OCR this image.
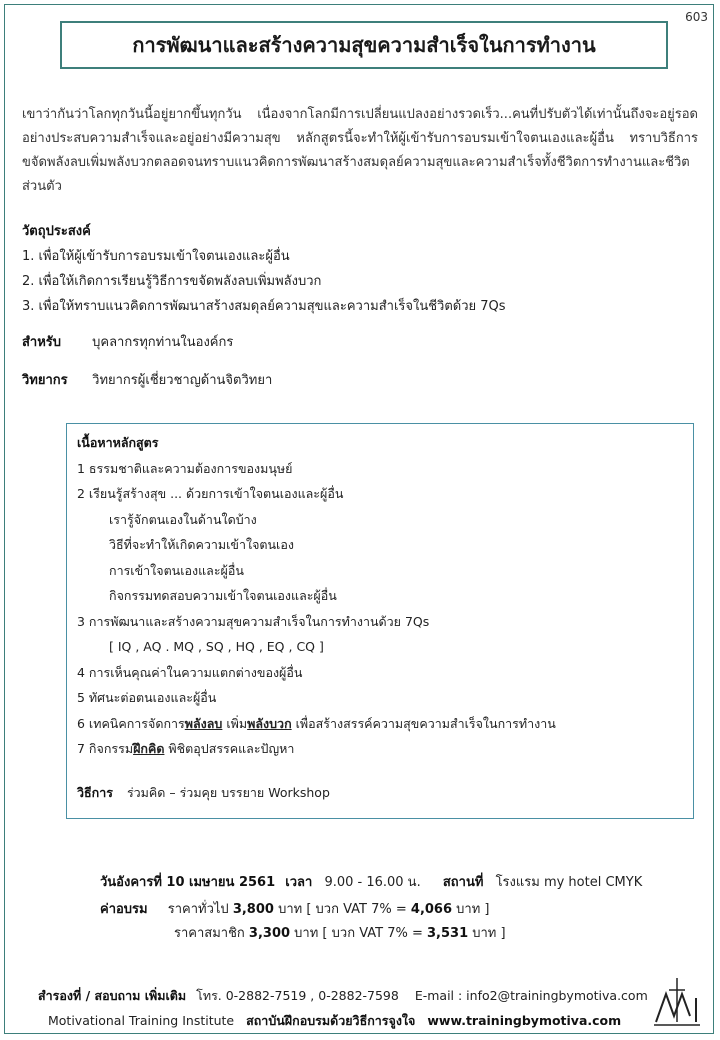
603
การพัฒนาและสร้างความสุขความสำเร็จในการทำงาน
เขาว่ากันว่าโลกทุกวันนี้อยู่ยากขึ้นทุกวัน เนื่องจากโลกมีการเปลี่ยนแปลงอย่างรวดเร็ว...คนที่ปรับตัวได้เท่านั้นถึงจะอยู่รอด อย่างประสบความสำเร็จและอยู่อย่างมีความสุข หลักสูตรนี้จะทำให้ผู้เข้ารับการอบรมเข้าใจตนเองและผู้อื่น ทราบวิธีการขจัดพลังลบเพิ่มพลังบวกตลอดจนทราบแนวคิดการพัฒนาสร้างสมดุลย์ความสุขและความสำเร็จทั้งชีวิตการทำงานและชีวิตส่วนตัว
วัตถุประสงค์
1. เพื่อให้ผู้เข้ารับการอบรมเข้าใจตนเองและผู้อื่น
2. เพื่อให้เกิดการเรียนรู้วิธีการขจัดพลังลบเพิ่มพลังบวก
3. เพื่อให้ทราบแนวคิดการพัฒนาสร้างสมดุลย์ความสุขและความสำเร็จในชีวิตด้วย 7Qs
สำหรับ บุคลากรทุกท่านในองค์กร
วิทยากร วิทยากรผู้เชี่ยวชาญด้านจิตวิทยา
เนื้อหาหลักสูตร
1 ธรรมชาติและความต้องการของมนุษย์
2 เรียนรู้สร้างสุข ... ด้วยการเข้าใจตนเองและผู้อื่น
เรารู้จักตนเองในด้านใดบ้าง
วิธีที่จะทำให้เกิดความเข้าใจตนเอง
การเข้าใจตนเองและผู้อื่น
กิจกรรมทดสอบความเข้าใจตนเองและผู้อื่น
3 การพัฒนาและสร้างความสุขความสำเร็จในการทำงานด้วย 7Qs
[ IQ , AQ . MQ , SQ , HQ , EQ , CQ ]
4 การเห็นคุณค่าในความแตกต่างของผู้อื่น
5 ทัศนะต่อตนเองและผู้อื่น
6 เทคนิคการจัดการพลังลบ เพิ่มพลังบวก เพื่อสร้างสรรค์ความสุขความสำเร็จในการทำงาน
7 กิจกรรมฝึกคิด พิชิตอุปสรรคและปัญหา
วิธีการ ร่วมคิด – ร่วมคุย บรรยาย Workshop
วันอังคารที่ 10 เมษายน 2561 เวลา 9.00 - 16.00 น. สถานที่ โรงแรม my hotel CMYK
ค่าอบรม ราคาทั่วไป 3,800 บาท [ บวก VAT 7% = 4,066 บาท ]
ราคาสมาชิก 3,300 บาท [ บวก VAT 7% = 3,531 บาท ]
สำรองที่ / สอบถาม เพิ่มเติม โทร. 0-2882-7519 , 0-2882-7598 E-mail : info2@trainingbymotiva.com
Motivational Training Institute สถาบันฝึกอบรมด้วยวิธีการจูงใจ www.trainingbymotiva.com
